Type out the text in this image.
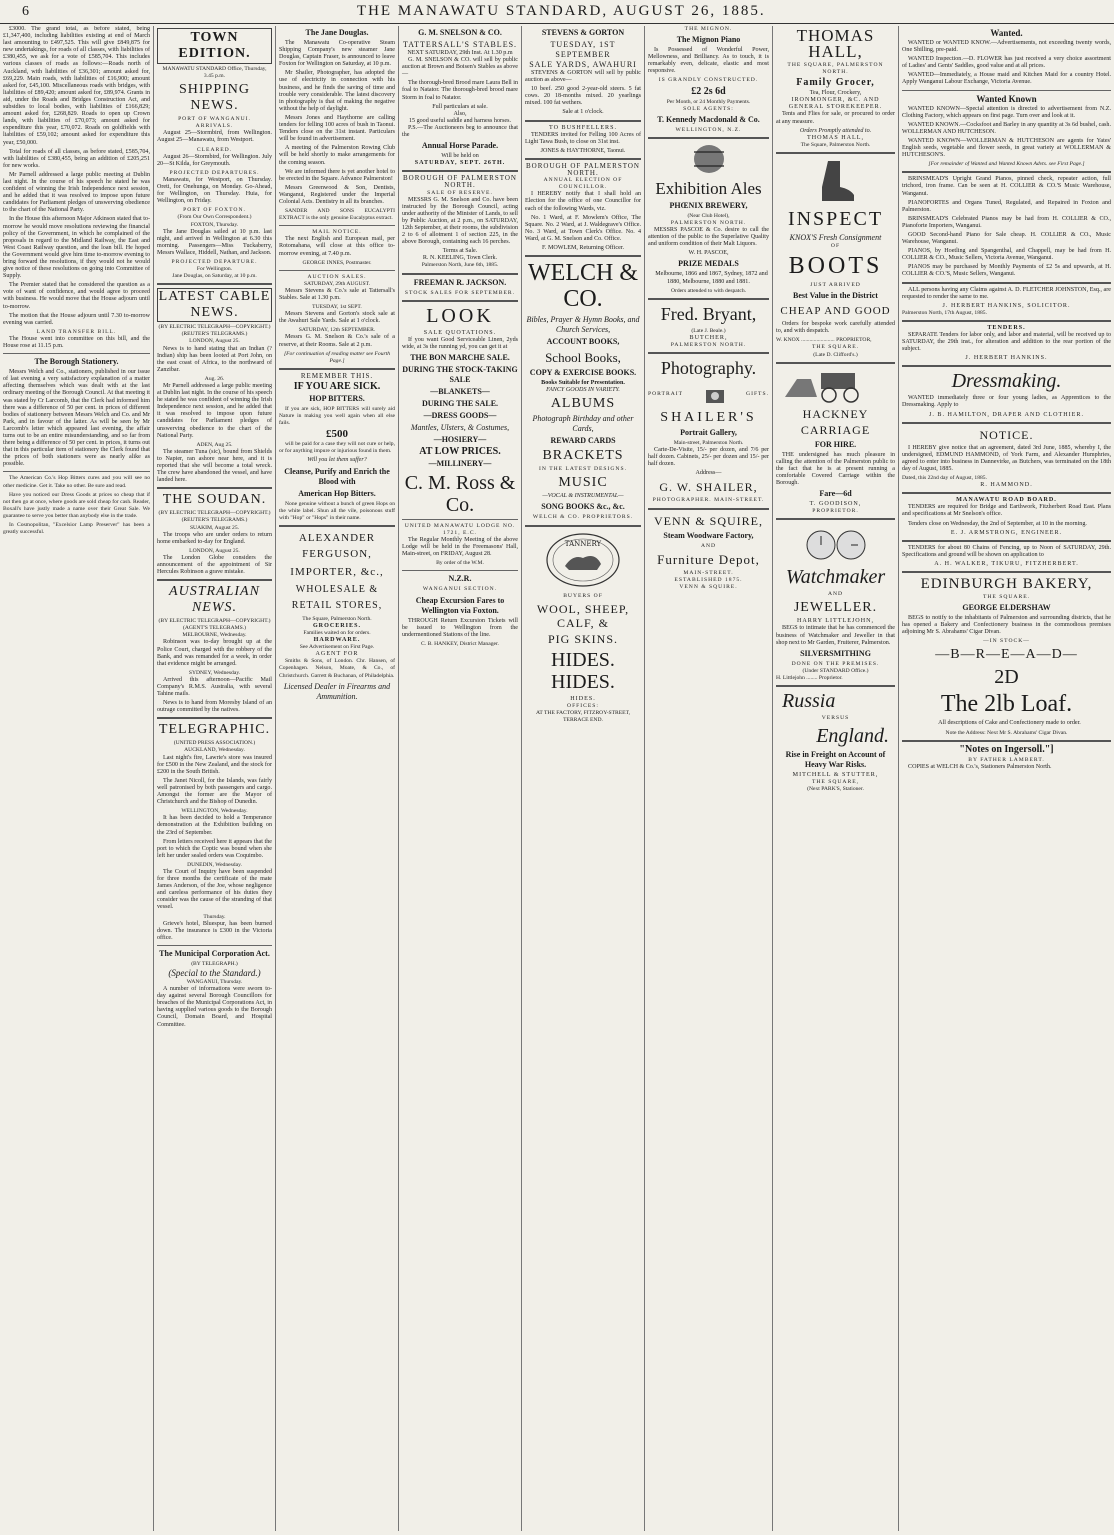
6	THE MANAWATU STANDARD, AUGUST 26, 1885.

£3000. The grand total, as before stated, being £1,347,400, including liabilities existing at end of March last amounting to £497,525. This will give £849,875 for new undertakings, for roads of all classes, with liabilities of £380,455, we ask for a vote of £585,704. This includes various classes of roads as follows:—Roads north of Auckland, with liabilities of £36,301; amount asked for, £69,229. Main roads, with liabilities of £16,900; amount asked for, £45,100. Miscellaneous roads with bridges, with liabilities of £89,420; amount asked for, £89,974. Grants in aid, under the Roads and Bridges Construction Act, and subsidies to local bodies, with liabilities of £166,829; amount asked for, £268,829. Roads to open up Crown lands, with liabilities of £70,073; amount asked for expenditure this year, £70,072. Roads on goldfields with liabilities of £59,102; amount asked for expenditure this year, £50,000.

Total for roads of all classes, as before stated, £585,704, with liabilities of £380,455, being an addition of £205,251 for new works.

Mr Parnell addressed a large public meeting at Dublin last night. In the course of his speech he stated he was confident of winning the Irish Independence next session, and he added that it was resolved to impose upon future candidates for Parliament pledges of unswerving obedience to the chart of the National Party.

In the House this afternoon Major Atkinson stated that to-morrow he would move resolutions reviewing the financial policy of the Government, in which he complained of the proposals in regard to the Midland Railway, the East and West Coast Railway question, and the loan bill. He hoped the Government would give him time to-morrow evening to bring forward the resolutions, if they would not he would give notice of these resolutions on going into Committee of Supply.

The Premier stated that he considered the question as a vote of want of confidence, and would agree to proceed with business. He would move that the House adjourn until to-morrow.

The motion that the House adjourn until 7.30 to-morrow evening was carried.

LAND TRANSFER BILL.

The House went into committee on this bill, and the House rose at 11.15 p.m.

The Borough Stationery.

Messrs Welch and Co., stationers, published in our issue of last evening a very satisfactory explanation of a matter affecting themselves which was dealt with at the last ordinary meeting of the Borough Council. At that meeting it was stated by Cr Larcomb, that the Clerk had informed him there was a difference of 50 per cent. in prices of different bodies of stationery between Messrs Welch and Co. and Mr Park, and in favour of the latter. As will be seen by Mr Larcomb's letter which appeared last evening, the affair turns out to be an entire misunderstanding, and so far from there being a difference of 50 per cent. in prices, it turns out that in this particular item of stationery the Clerk found that the prices of both stationers were as nearly alike as possible.

The American Co.'s Hop Bitters cures and you will see no other medicine. Get it. Take no other. Be sure and read.

Have you noticed our Dress Goods at prices so cheap that if not then go at once, where goods are sold cheap for cash. Reader, Boxall's have justly made a name over their Great Sale. We guarantee to serve you better than anybody else in the trade.

In Cosmopolitan, "Excelsior Lamp Preserver" has been a greatly successful.

TOWN EDITION.
MANAWATU STANDARD Office, Thursday, 3.45 p.m.
SHIPPING NEWS.
PORT OF WANGANUI.
ARRIVALS.

August 25—Stormbird, from Wellington. August 25—Manawatu, from Westport.

CLEARED.

August 26—Stormbird, for Wellington. July 20—St Kilda, for Greymouth.

PROJECTED DEPARTURES.

Manawatu, for Westport, on Thursday. Oreti, for Onehunga, on Monday. Go-Ahead, for Wellington, on Thursday. Huia, for Wellington, on Friday.

PORT OF FOXTON.
(From Our Own Correspondent.)
FOXTON, Thursday.

The Jane Douglas sailed at 10 p.m. last night, and arrived in Wellington at 6.30 this morning. Passengers—Miss Tuckaberry, Messrs Wallace, Hiddell, Nathan, and Jackson.

PROJECTED DEPARTURE.
For Wellington.
Jane Douglas, on Saturday, at 10 p.m.
LATEST CABLE NEWS.
(BY ELECTRIC TELEGRAPH—COPYRIGHT.) (REUTER'S TELEGRAMS.)
LONDON, August 25.

News is to hand stating that an Indian (? Indian) ship has been looted at Port John, on the east coast of Africa, to the northward of Zanzibar.

Aug. 26.

Mr Parnell addressed a large public meeting at Dublin last night. In the course of his speech he stated he was confident of winning the Irish Independence next session, and he added that it was resolved to impose upon future candidates for Parliament pledges of unswerving obedience to the chart of the National Party.

ADEN, Aug 25.

The steamer Tuna (sic), bound from Shields to Napier, ran ashore near here, and it is reported that she will become a total wreck. The crew have abandoned the vessel, and have landed here.

THE SOUDAN.
(BY ELECTRIC TELEGRAPH—COPYRIGHT.) (REUTER'S TELEGRAMS.)
SUAKIM, August 25.

The troops who are under orders to return home embarked to-day for England.

LONDON, August 25.

The London Globe considers the announcement of the appointment of Sir Hercules Robinson a grave mistake.

AUSTRALIAN NEWS.
(BY ELECTRIC TELEGRAPH—COPYRIGHT.) (AGENT'S TELEGRAMS.)
MELBOURNE, Wednesday.

Robinson was to-day brought up at the Police Court, charged with the robbery of the Bank, and was remanded for a week, in order that evidence might be arranged.

SYDNEY, Wednesday.

Arrived this afternoon—Pacific Mail Company's R.M.S. Australia, with several Tahine mails.

News is to hand from Moresby Island of an outrage committed by the natives.

TELEGRAPHIC.
(UNITED PRESS ASSOCIATION.)
AUCKLAND, Wednesday.

Last night's fire, Lawrie's store was insured for £500 in the New Zealand, and the stock for £200 in the South British.

The Janet Nicoll, for the Islands, was fairly well patronised by both passengers and cargo. Amongst the former are the Mayor of Christchurch and the Bishop of Dunedin.

WELLINGTON, Wednesday.

It has been decided to hold a Temperance demonstration at the Exhibition building on the 23rd of September.

From letters received here it appears that the port to which the Coptic was bound when she left her under sealed orders was Coquimbo.

DUNEDIN, Wednesday.

The Court of Inquiry have been suspended for three months the certificate of the mate James Anderson, of the Joe, whose negligence and careless performance of his duties they consider was the cause of the stranding of that vessel.

Thursday.

Grieve's hotel, Bluespur, has been burned down. The insurance is £300 in the Victoria office.

The Municipal Corporation Act.
(BY TELEGRAPH.)
(Special to the Standard.)
WANGANUI, Thursday.

A number of informations were sworn to-day against several Borough Councillors for breaches of the Municipal Corporations Act, in having supplied various goods to the Borough Council, Domain Board, and Hospital Committee.

The Jane Douglas.

The Manawatu Co-operative Steam Shipping Company's new steamer Jane Douglas, Captain Fraser, is announced to leave Foxton for Wellington on Saturday, at 10 p.m.

Mr Shailer, Photographer, has adopted the use of electricity in connection with his business, and he finds the saving of time and trouble very considerable. The latest discovery in photography is that of making the negative without the help of daylight.

Messrs Jones and Haythorne are calling tenders for felling 100 acres of bush in Taonui. Tenders close on the 31st instant. Particulars will be found in advertisement.

A meeting of the Palmerston Rowing Club will be held shortly to make arrangements for the coming season.

We are informed there is yet another hotel to be erected in the Square. Advance Palmerston!

Messrs Greenwood & Son, Dentists, Wanganui, Registered under the Imperial Colonial Acts. Dentistry in all its branches.

SANDER AND SONS EUCALYPTI EXTRACT is the only genuine Eucalyptus extract.

MAIL NOTICE.

The next English and European mail, per Rotomahana, will close at this office to-morrow evening, at 7.40 p.m.

GEORGE INNES, Postmaster.
AUCTION SALES.
SATURDAY, 29th AUGUST.

Messrs Stevens & Co.'s sale at Tattersall's Stables. Sale at 1.30 p.m.

TUESDAY, 1st SEPT.

Messrs Stevens and Gorton's stock sale at the Awahuri Sale Yards. Sale at 1 o'clock.

SATURDAY, 12th SEPTEMBER.

Messrs G. M. Snelson & Co.'s sale of a reserve, at their Rooms. Sale at 2 p.m.

[For continuation of reading matter see Fourth Page.]
REMEMBER THIS.
IF YOU ARE SICK.
HOP BITTERS.

If you are sick, HOP BITTERS will surely aid Nature in making you well again when all else fails.

£500

will be paid for a case they will not cure or help, or for anything impure or injurious found in them.

Will you let them suffer?
Cleanse, Purify and Enrich the Blood with
American Hop Bitters.

None genuine without a bunch of green Hops on the white label. Shun all the vile, poisonous stuff with "Hop" or "Hops" in their name.

ALEXANDER FERGUSON,
IMPORTER, &c.,
WHOLESALE & RETAIL STORES,
The Square, Palmerston North.
GROCERIES.
Families waited on for orders.
HARDWARE.
See Advertisement on First Page.
AGENT FOR

Smiths & Sons, of London. Chr. Hansen, of Copenhagen. Nelson, Moate, & Co., of Christchurch. Garrett & Buchanan, of Philadelphia.

Licensed Dealer in Firearms and Ammunition.
G. M. SNELSON & CO.
TATTERSALL'S STABLES.
NEXT SATURDAY, 29th Inst. At 1.30 p.m

G. M. SNELSON & CO. will sell by public auction at Brown and Boisen's Stables as above—

The thorough-bred Brood mare Laura Bell in foal to Natator. The thorough-bred brood mare Storm in foal to Natator.

Full particulars at sale.
Also,
15 good useful saddle and harness horses.

P.S.—The Auctioneers beg to announce that the

Annual Horse Parade.
Will be held on
SATURDAY, SEPT. 26TH.
BOROUGH OF PALMERSTON NORTH.
SALE OF RESERVE.

MESSRS G. M. Snelson and Co. have been instructed by the Borough Council, acting under authority of the Minister of Lands, to sell by Public Auction, at 2 p.m., on SATURDAY, 12th September, at their rooms, the subdivision 2 to 6 of allotment 1 of section 225, in the above Borough, containing each 16 perches.

Terms at Sale.
R. N. KEELING, Town Clerk.
Palmerston North, June 6th, 1885.
FREEMAN R. JACKSON.
STOCK SALES FOR SEPTEMBER.
LOOK
SALE QUOTATIONS.

If you want Good Serviceable Linen, 2yds wide, at 3s the running yd, you can get it at

THE BON MARCHE SALE.
DURING THE STOCK-TAKING SALE
—BLANKETS—
DURING THE SALE.
—DRESS GOODS—
Mantles, Ulsters, & Costumes,
—HOSIERY—
AT LOW PRICES.
—MILLINERY—
C. M. Ross & Co.
UNITED MANAWATU LODGE NO. 1721, E.C.

The Regular Monthly Meeting of the above Lodge will be held in the Freemasons' Hall, Main-street, on FRIDAY, August 28.

By order of the W.M.
N.Z.R.
WANGANUI SECTION.
Cheap Excursion Fares to Wellington via Foxton.

THROUGH Return Excursion Tickets will be issued to Wellington from the undermentioned Stations of the line.

C. B. HANKEY, District Manager.
STEVENS & GORTON
TUESDAY, 1ST SEPTEMBER
SALE YARDS, AWAHURI

STEVENS & GORTON will sell by public auction as above—

10 beef. 250 good 2-year-old steers. 5 fat cows. 20 18-months mixed. 20 yearlings mixed. 100 fat wethers.

Sale at 1 o'clock.
TO BUSHFELLERS.

TENDERS invited for Felling 100 Acres of Light Tawa Bush, to close on 31st inst.

JONES & HAYTHORNE, Taonui.
BOROUGH OF PALMERSTON NORTH.
ANNUAL ELECTION OF COUNCILLOR.

I HEREBY notify that I shall hold an Election for the office of one Councillor for each of the following Wards, viz.

No. 1 Ward, at F. Mowlem's Office, The Square. No. 2 Ward, at J. Waldegrave's Office. No. 3 Ward, at Town Clerk's Office. No. 4 Ward, at G. M. Snelson and Co. Office.

F. MOWLEM, Returning Officer.
WELCH & CO.
Bibles, Prayer & Hymn Books, and Church Services,
ACCOUNT BOOKS,
School Books,
COPY & EXERCISE BOOKS.
Books Suitable for Presentation.
FANCY GOODS IN VARIETY.
ALBUMS
Photograph Birthday and other Cards,
REWARD CARDS
BRACKETS
IN THE LATEST DESIGNS.
MUSIC
—VOCAL & INSTRUMENTAL—
SONG BOOKS &c., &c.
WELCH & CO. PROPRIETORS.
TANNERY
BUYERS OF
WOOL, SHEEP, CALF, &
PIG SKINS.
HIDES. HIDES.
HIDES.
OFFICES:
AT THE FACTORY, FITZROY-STREET, TERRACE END.
THE MIGNON.
The Mignon Piano

Is Possessed of Wonderful Power, Mellowness, and Brilliancy. As to touch, it is remarkably even, delicate, elastic and most responsive.

IS GRANDLY CONSTRUCTED.
£2 2s 6d
Per Month, or 24 Monthly Payments.
SOLE AGENTS:
T. Kennedy Macdonald & Co.
WELLINGTON, N.Z.
Exhibition Ales
PHŒNIX BREWERY,
(Near Club Hotel),
PALMERSTON NORTH.

MESSRS PASCOE & Co. desire to call the attention of the public to the Superlative Quality and uniform condition of their Malt Liquors.

W. H. PASCOE,
PRIZE MEDALS

Melbourne, 1866 and 1867, Sydney, 1872 and 1880, Melbourne, 1880 and 1881.

Orders attended to with despatch.
Fred. Bryant,
(Late J. Beale.)
BUTCHER,
PALMERSTON NORTH.
Photography.
PORTRAIT	GIFTS.
SHAILER'S
Portrait Gallery,
Main-street, Palmerston North.

Carte-De-Visite, 15/- per dozen, and 7/6 per half dozen. Cabinets, 25/- per dozen and 15/- per half dozen.

Address—
G. W. SHAILER,
PHOTOGRAPHER. MAIN-STREET.
VENN & SQUIRE,
Steam Woodware Factory,
AND
Furniture Depot,
MAIN-STREET.
ESTABLISHED 1875.
VENN & SQUIRE.
THOMAS HALL,
THE SQUARE, PALMERSTON NORTH.
Family Grocer,
Tea, Flour, Crockery,
IRONMONGER, &C. AND GENERAL STOREKEEPER.

Tents and Flies for sale, or procured to order at any measure.

Orders Promptly attended to.
THOMAS HALL,
The Square, Palmerston North.
INSPECT
KNOX'S Fresh Consignment
OF
BOOTS
JUST ARRIVED
Best Value in the District
CHEAP AND GOOD

Orders for bespoke work carefully attended to, and with despatch.

W. KNOX ........................ PROPRIETOR,
THE SQUARE.
(Late D. Clifford's.)
HACKNEY CARRIAGE
FOR HIRE.

THE undersigned has much pleasure in calling the attention of the Palmerston public to the fact that he is at present running a comfortable Covered Carriage within the Borough.

Fare—6d
T. GOODISON,
PROPRIETOR.
Watchmaker
AND
JEWELLER.
HARRY LITTLEJOHN,

BEGS to intimate that he has commenced the business of Watchmaker and Jeweller in that shop next to Mr Garden, Fruiterer, Palmerston.

SILVERSMITHING
DONE ON THE PREMISES.
(Under STANDARD Office.)
H. Littlejohn ........ Proprietor.
Russia
VERSUS
England.
Rise in Freight on Account of Heavy War Risks.
MITCHELL & STUTTER,
THE SQUARE,
(Next PARK'S, Stationer.
Wanted.

WANTED or WANTED KNOW.—Advertisements, not exceeding twenty words, One Shilling, pre-paid.

WANTED Inspection.—D. FLOWER has just received a very choice assortment of Ladies' and Gents' Saddles, good value and at all prices.

WANTED—Immediately, a House maid and Kitchen Maid for a country Hotel. Apply Wanganui Labour Exchange, Victoria Avenue.

Wanted Known

WANTED KNOWN—Special attention is directed to advertisement from N.Z. Clothing Factory, which appears on first page. Turn over and look at it.

WANTED KNOWN.—Cocksfoot and Barley in any quantity at 3s 6d bushel, cash. WOLLERMAN AND HUTCHESON.

WANTED KNOWN—WOLLERMAN & HUTCHESON are agents for Yates' English seeds, vegetable and flower seeds, in great variety at WOLLERMAN & HUTCHESON'S.

[For remainder of Wanted and Wanted Known Advts. see First Page.]

BRINSMEAD'S Upright Grand Pianos, pinned check, repeater action, full trichord, iron frame. Can be seen at H. COLLIER & CO.'S Music Warehouse, Wanganui.

PIANOFORTES and Organs Tuned, Regulated, and Repaired in Foxton and Palmerston.

BRINSMEAD'S Celebrated Pianos may be had from H. COLLIER & CO., Pianoforte Importers, Wanganui.

GOOD Second-hand Piano for Sale cheap. H. COLLIER & CO., Music Warehouse, Wanganui.

PIANOS, by Hoetling and Spangenthal, and Chappell, may be had from H. COLLIER & CO., Music Sellers, Victoria Avenue, Wanganui.

PIANOS may be purchased by Monthly Payments of £2 5s and upwards, at H. COLLIER & CO.'S, Music Sellers, Wanganui.

ALL persons having any Claims against A. D. FLETCHER JOHNSTON, Esq., are requested to render the same to me.

J. HERBERT HANKINS, SOLICITOR.
Palmerston North, 17th August, 1885.
TENDERS.

SEPARATE Tenders for labor only, and labor and material, will be received up to SATURDAY, the 29th inst., for alteration and addition to the rear portion of the subject.

J. HERBERT HANKINS.
Dressmaking.

WANTED immediately three or four young ladies, as Apprentices to the Dressmaking. Apply to

J. B. HAMILTON, DRAPER AND CLOTHIER.
NOTICE.

I HEREBY give notice that an agreement, dated 3rd June, 1885, whereby I, the undersigned, EDMUND HAMMOND, of York Farm, and Alexander Humphries, agreed to enter into business in Dannevirke, as Butchers, was terminated on the 18th day of August, 1885.

Dated, this 22nd day of August, 1885.
R. HAMMOND.
MANAWATU ROAD BOARD.

TENDERS are required for Bridge and Earthwork, Fitzherbert Road East. Plans and specifications at Mr Snelson's office.

Tenders close on Wednesday, the 2nd of September, at 10 in the morning.

E. J. ARMSTRONG, ENGINEER.

TENDERS for about 80 Chains of Fencing, up to Noon of SATURDAY, 29th. Specifications and ground will be shown on application to

A. H. WALKER, TIKURU, FITZHERBERT.
EDINBURGH BAKERY,
THE SQUARE.
GEORGE ELDERSHAW

BEGS to notify to the inhabitants of Palmerston and surrounding districts, that he has opened a Bakery and Confectionery business in the commodious premises adjoining Mr S. Abrahams' Cigar Divan.

—IN STOCK—
—B—R—E—A—D—
2D
The 2lb Loaf.

All descriptions of Cake and Confectionery made to order.

Note the Address: Next Mr S. Abrahams' Cigar Divan.
"Notes on Ingersoll."]
BY FATHER LAMBERT.

COPIES at WELCH & Co.'s, Stationers Palmerston North.
